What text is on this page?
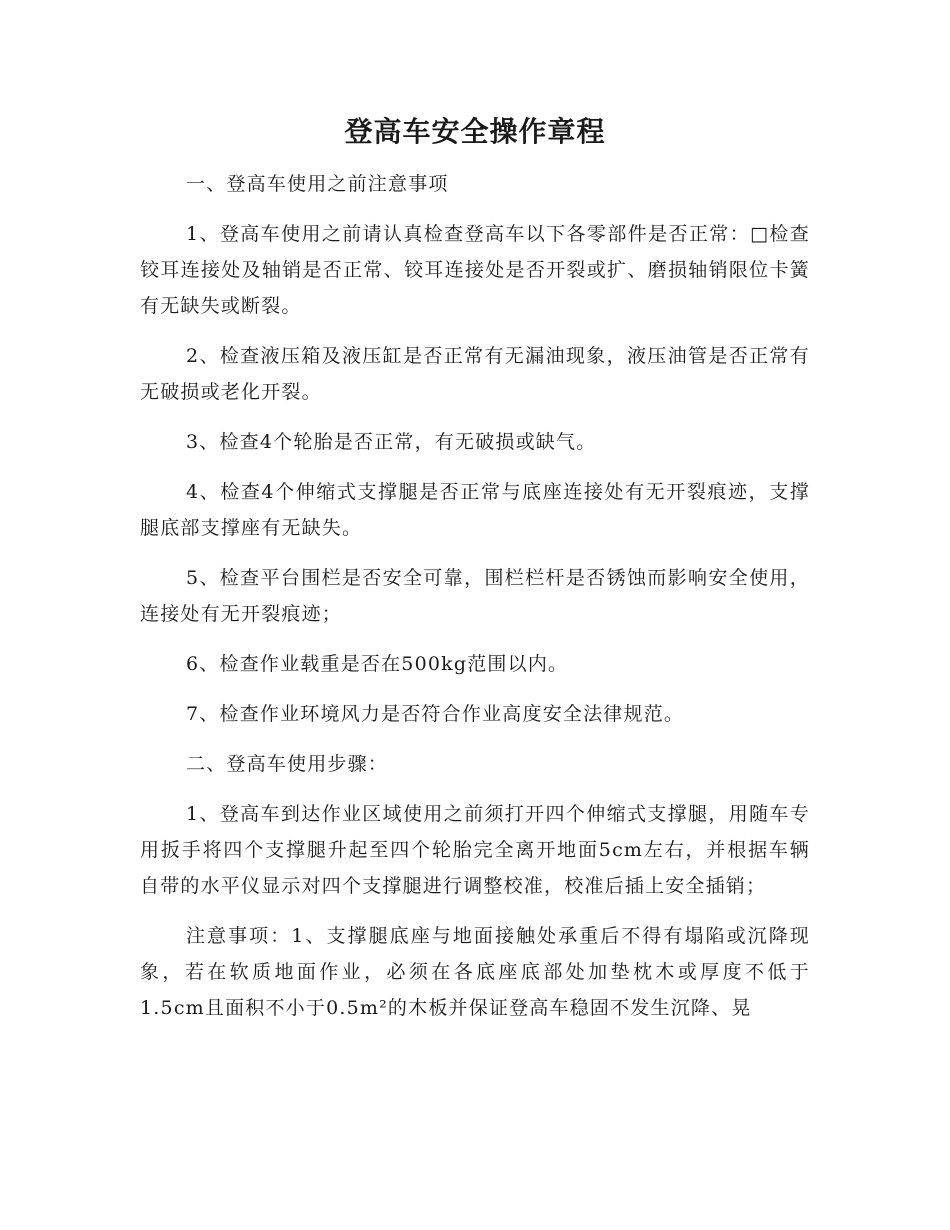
登高车安全操作章程

一、登高车使用之前注意事项

1、登高车使用之前请认真检查登高车以下各零部件是否正常：□检查铰耳连接处及轴销是否正常、铰耳连接处是否开裂或扩、磨损轴销限位卡簧有无缺失或断裂。

2、检查液压箱及液压缸是否正常有无漏油现象，液压油管是否正常有无破损或老化开裂。

3、检查4个轮胎是否正常，有无破损或缺气。

4、检查4个伸缩式支撑腿是否正常与底座连接处有无开裂痕迹，支撑腿底部支撑座有无缺失。

5、检查平台围栏是否安全可靠，围栏栏杆是否锈蚀而影响安全使用，连接处有无开裂痕迹；

6、检查作业载重是否在500kg范围以内。

7、检查作业环境风力是否符合作业高度安全法律规范。

二、登高车使用步骤：

1、登高车到达作业区域使用之前须打开四个伸缩式支撑腿，用随车专用扳手将四个支撑腿升起至四个轮胎完全离开地面5cm左右，并根据车辆自带的水平仪显示对四个支撑腿进行调整校准，校准后插上安全插销；

注意事项：1、支撑腿底座与地面接触处承重后不得有塌陷或沉降现象，若在软质地面作业，必须在各底座底部处加垫枕木或厚度不低于1.5cm且面积不小于0.5m²的木板并保证登高车稳固不发生沉降、晃
